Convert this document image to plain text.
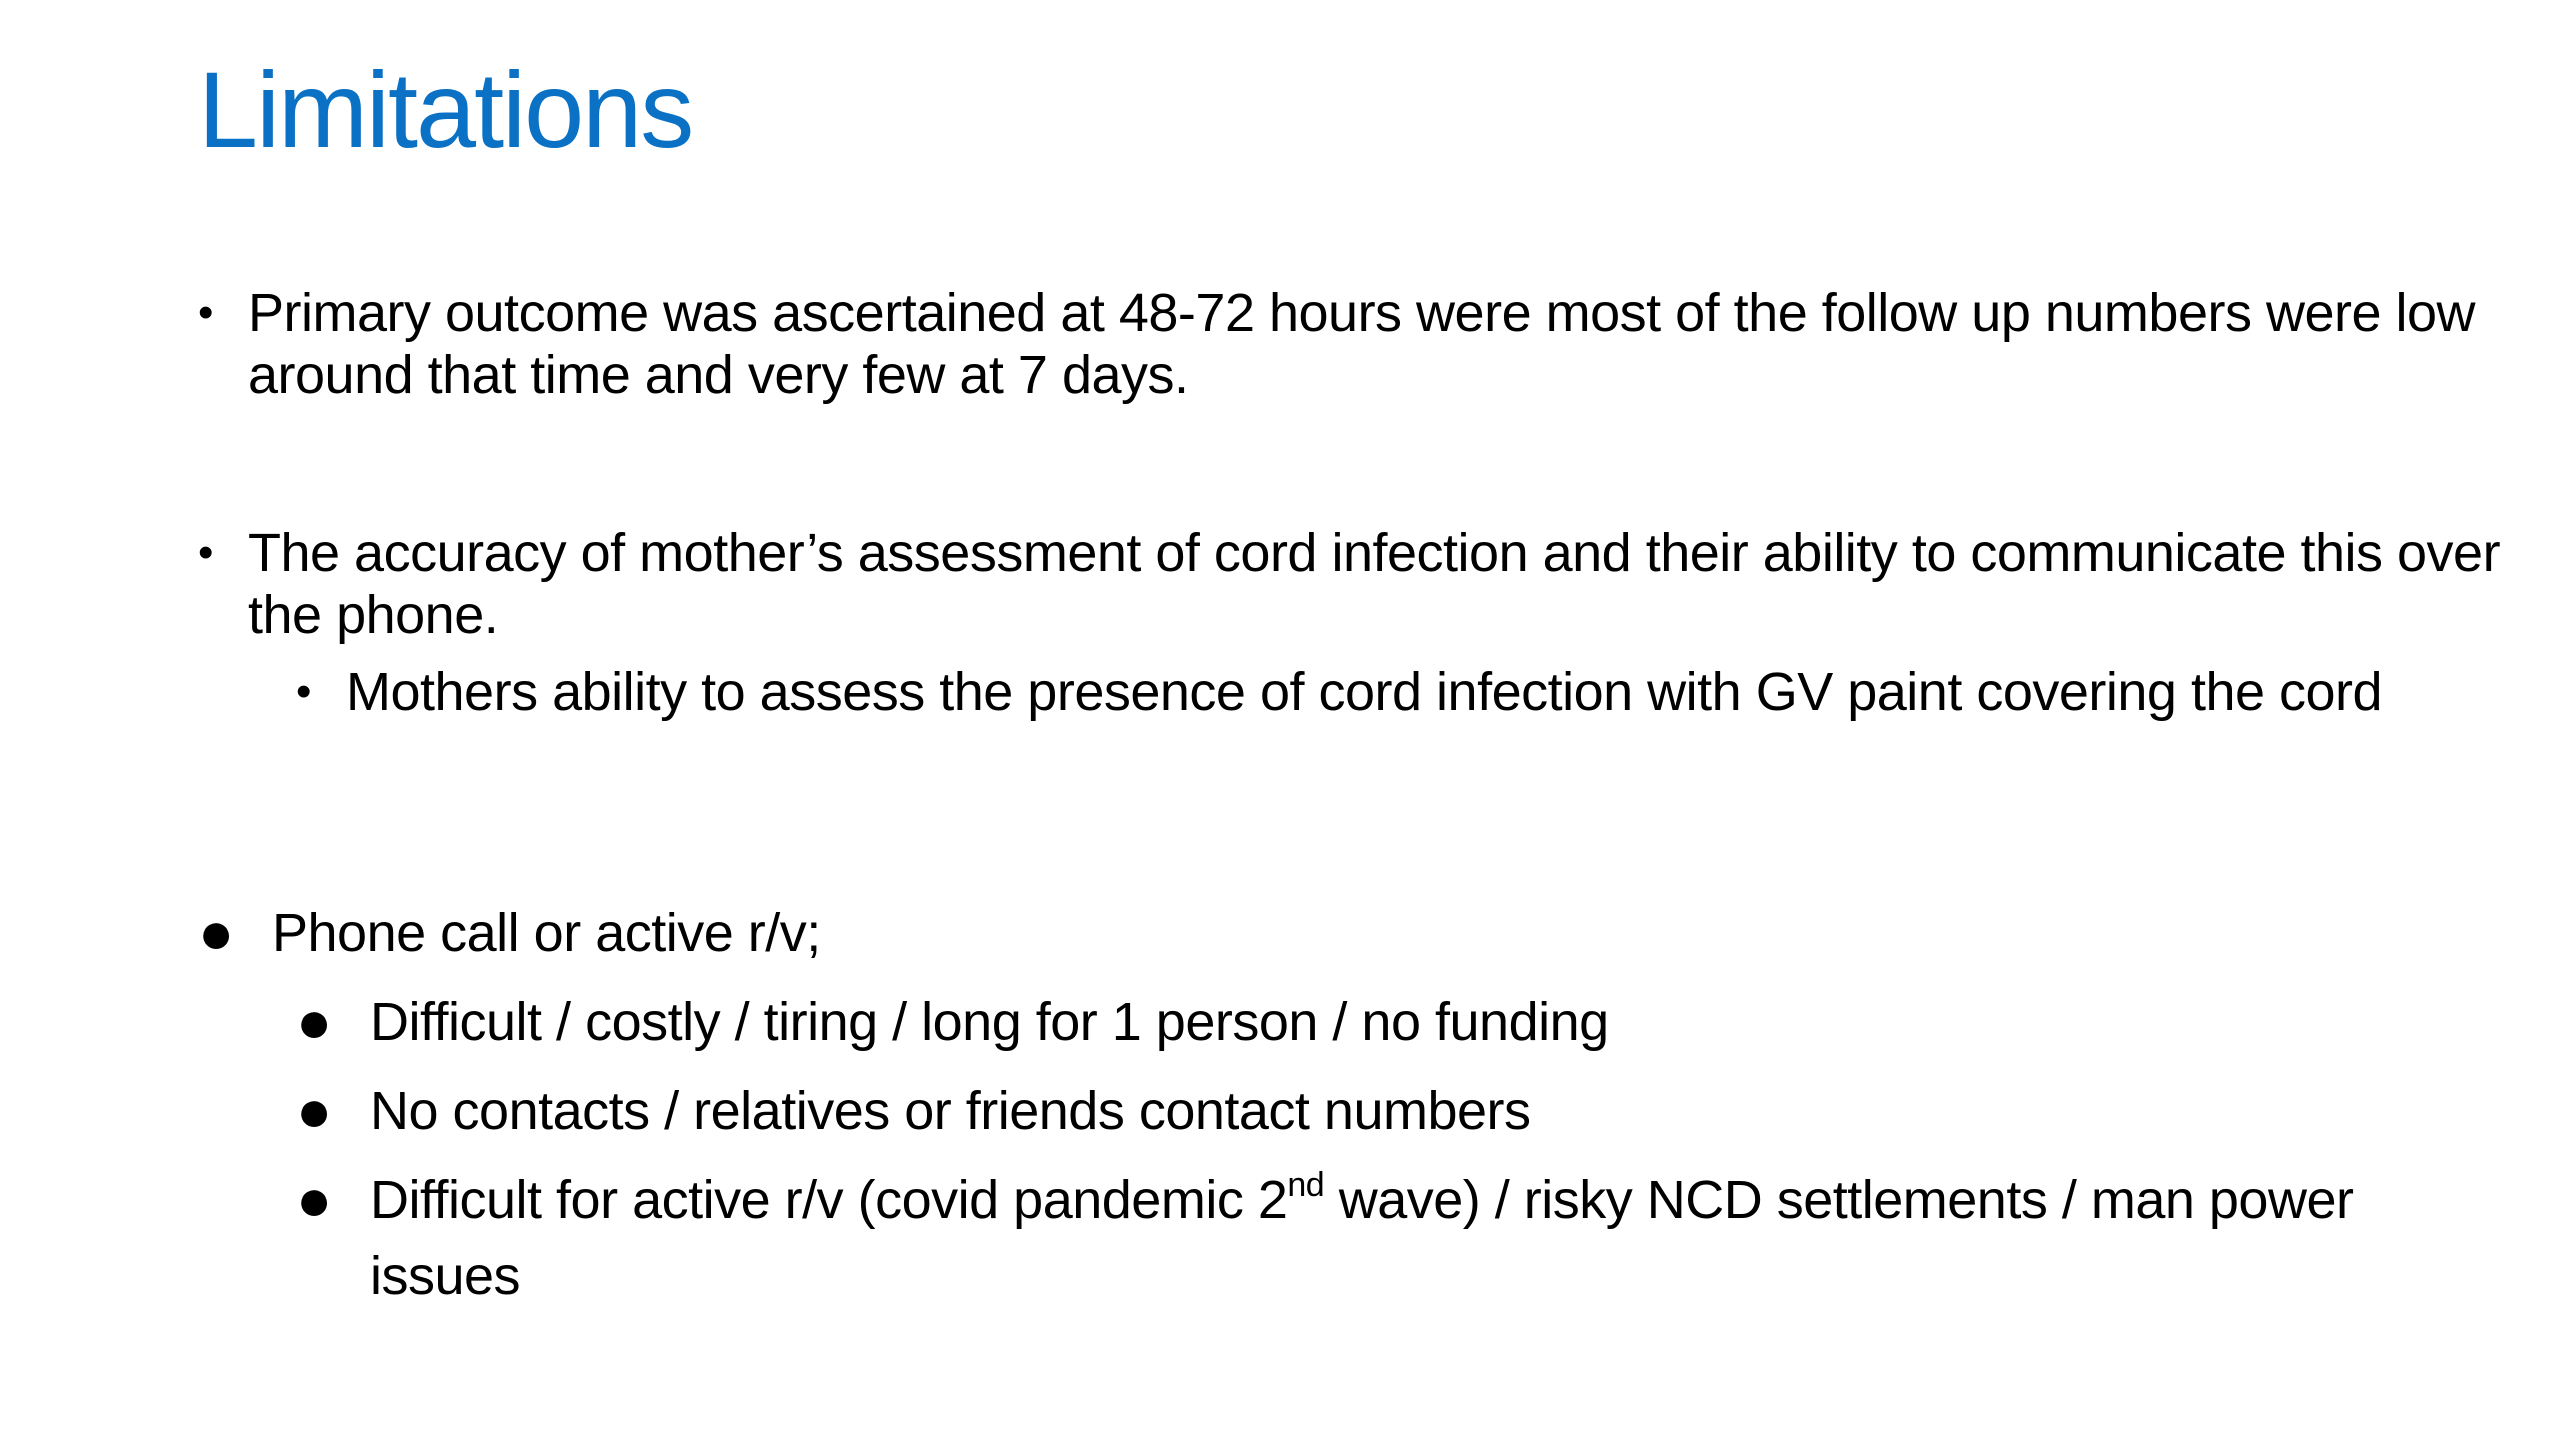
Limitations
• Primary outcome was ascertained at 48-72 hours were most of the follow up numbers were low around that time and very few at 7 days.
• The accuracy of mother’s assessment of cord infection and their ability to communicate this over the phone.
• Mothers ability to assess the presence of cord infection with GV paint covering the cord
● Phone call or active r/v;
● Difficult / costly / tiring / long for 1 person / no funding
● No contacts / relatives or friends contact numbers
● Difficult for active r/v (covid pandemic 2nd wave) / risky NCD settlements / man power issues
